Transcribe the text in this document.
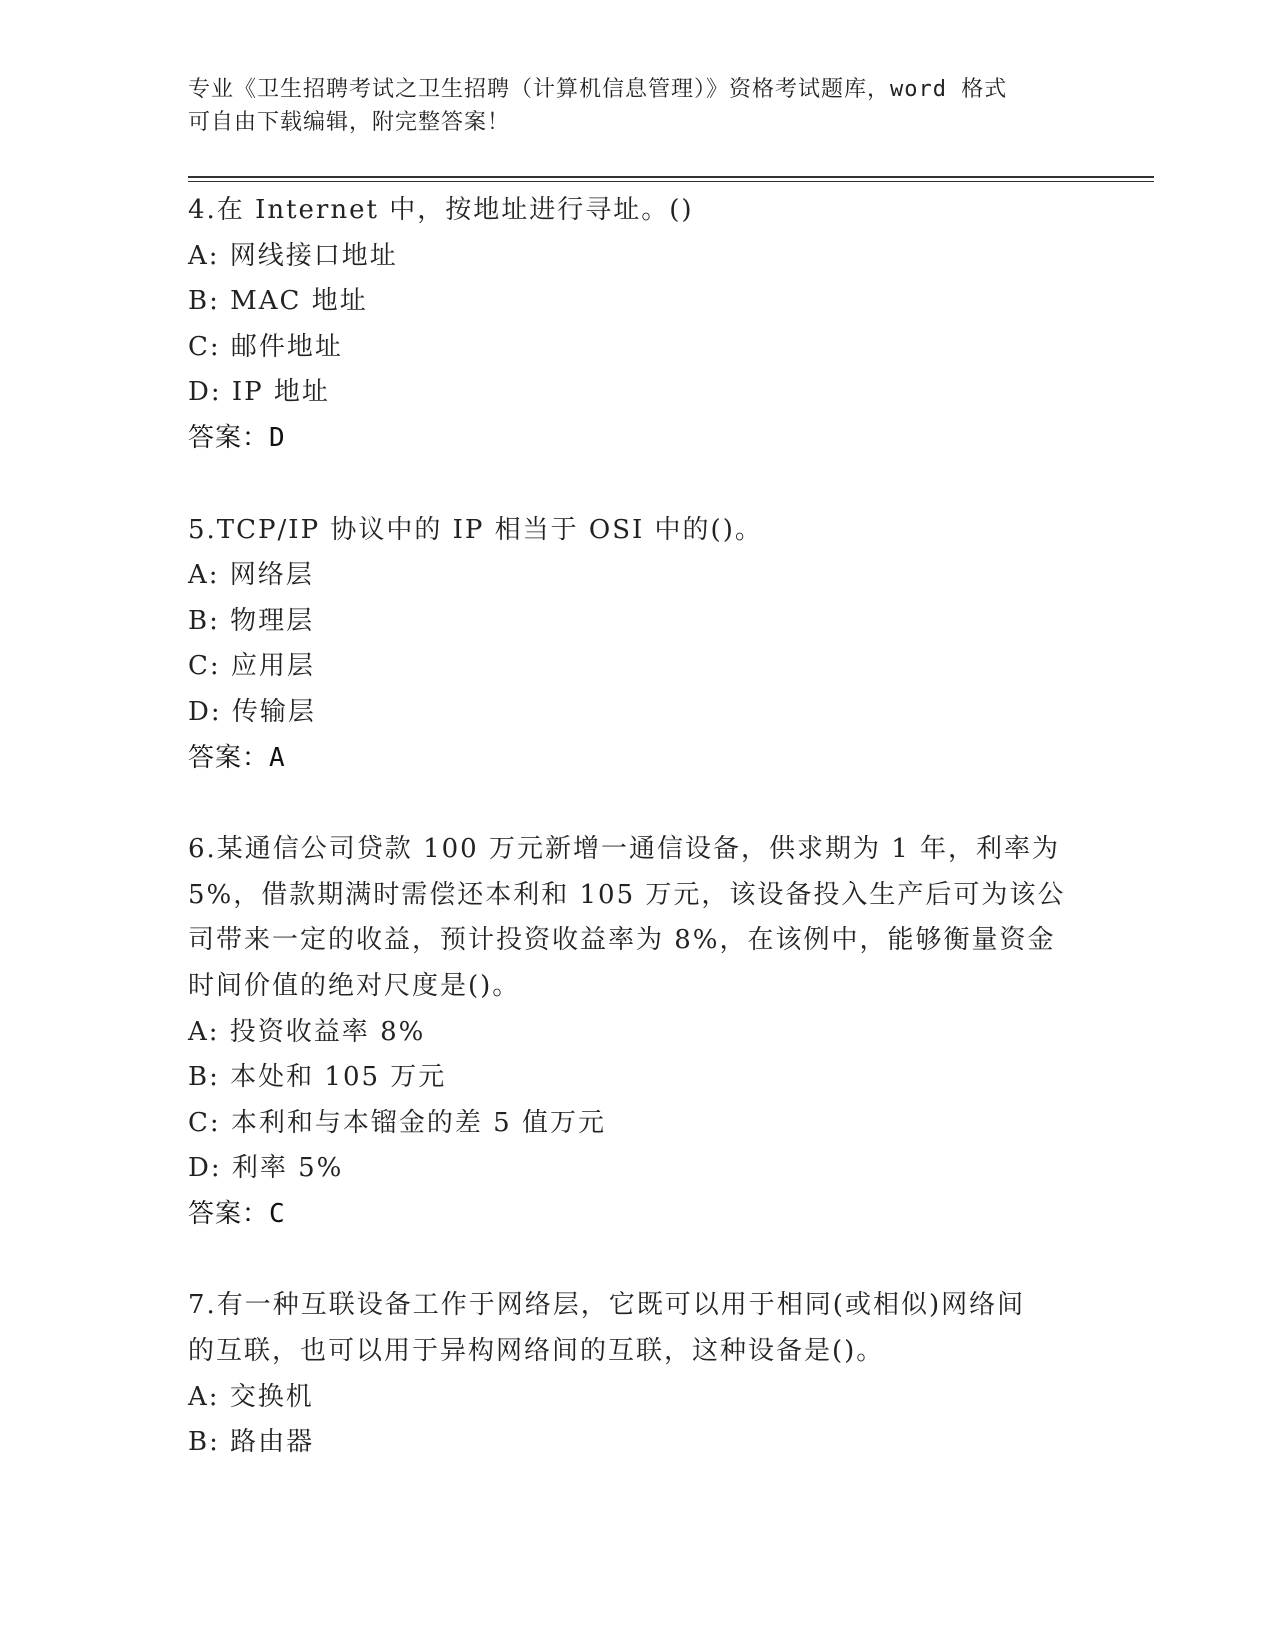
专业《卫生招聘考试之卫生招聘（计算机信息管理）》资格考试题库，word 格式
可自由下载编辑，附完整答案！
4.在 Internet 中，按地址进行寻址。()
A: 网线接口地址
B: MAC 地址
C: 邮件地址
D: IP 地址
答案：D
5.TCP/IP 协议中的 IP 相当于 OSI 中的()。
A: 网络层
B: 物理层
C: 应用层
D: 传输层
答案：A
6.某通信公司贷款 100 万元新增一通信设备，供求期为 1 年，利率为
5%，借款期满时需偿还本利和 105 万元，该设备投入生产后可为该公
司带来一定的收益，预计投资收益率为 8%，在该例中，能够衡量资金
时间价值的绝对尺度是()。
A: 投资收益率 8%
B: 本处和 105 万元
C: 本利和与本镏金的差 5 值万元
D: 利率 5%
答案：C
7.有一种互联设备工作于网络层，它既可以用于相同(或相似)网络间
的互联，也可以用于异构网络间的互联，这种设备是()。
A: 交换机
B: 路由器
